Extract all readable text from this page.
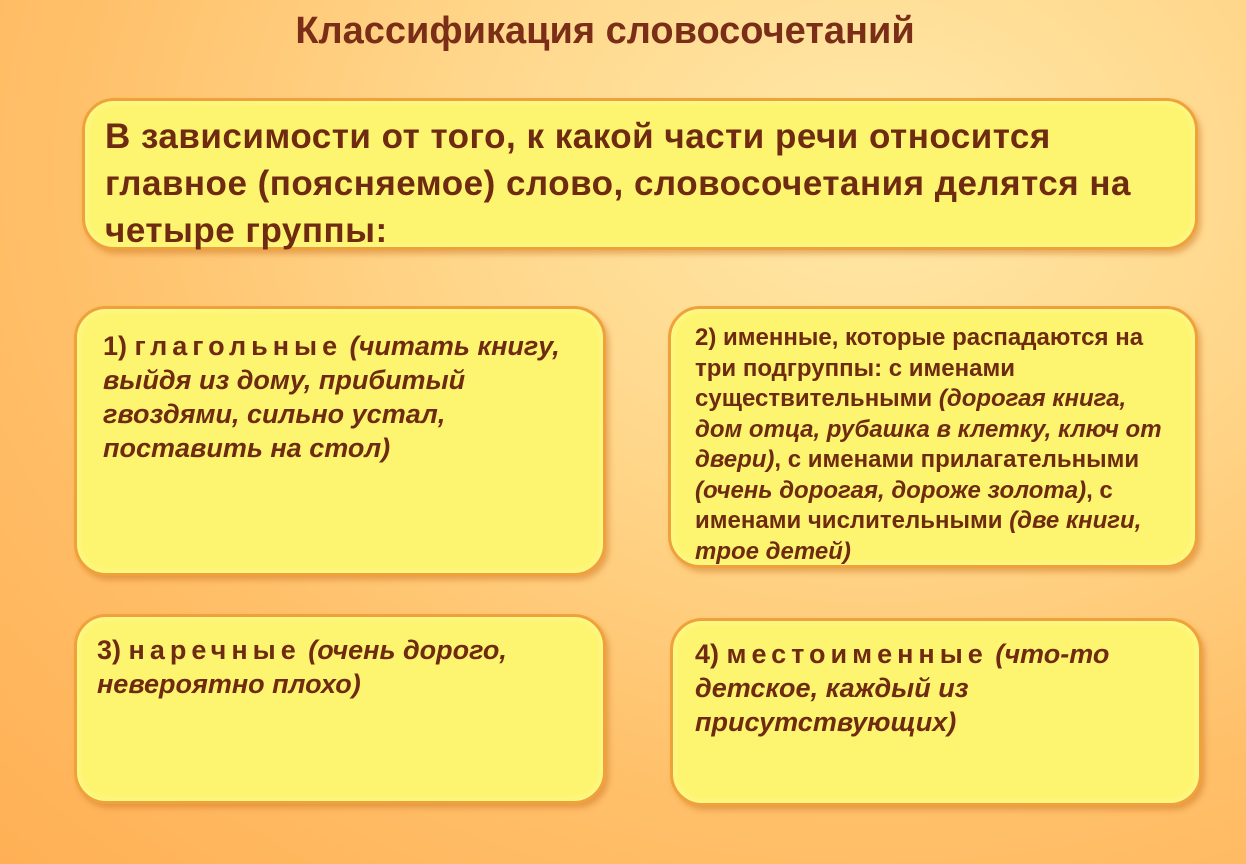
Классификация словосочетаний
В зависимости от того, к какой части речи относится главное (поясняемое) слово, словосочетания делятся на четыре группы:
1) глагольные (читать книгу, выйдя из дому, прибитый гвоздями, сильно устал, поставить на стол)
2) именные, которые распадаются на три подгруппы: с именами существительными (дорогая книга, дом отца, рубашка в клетку, ключ от двери), с именами прилагательными (очень дорогая, дороже золота), с именами числительными (две книги, трое детей)
3) наречные (очень дорого, невероятно плохо)
4) местоименные (что-то детское, каждый из присутствующих)
